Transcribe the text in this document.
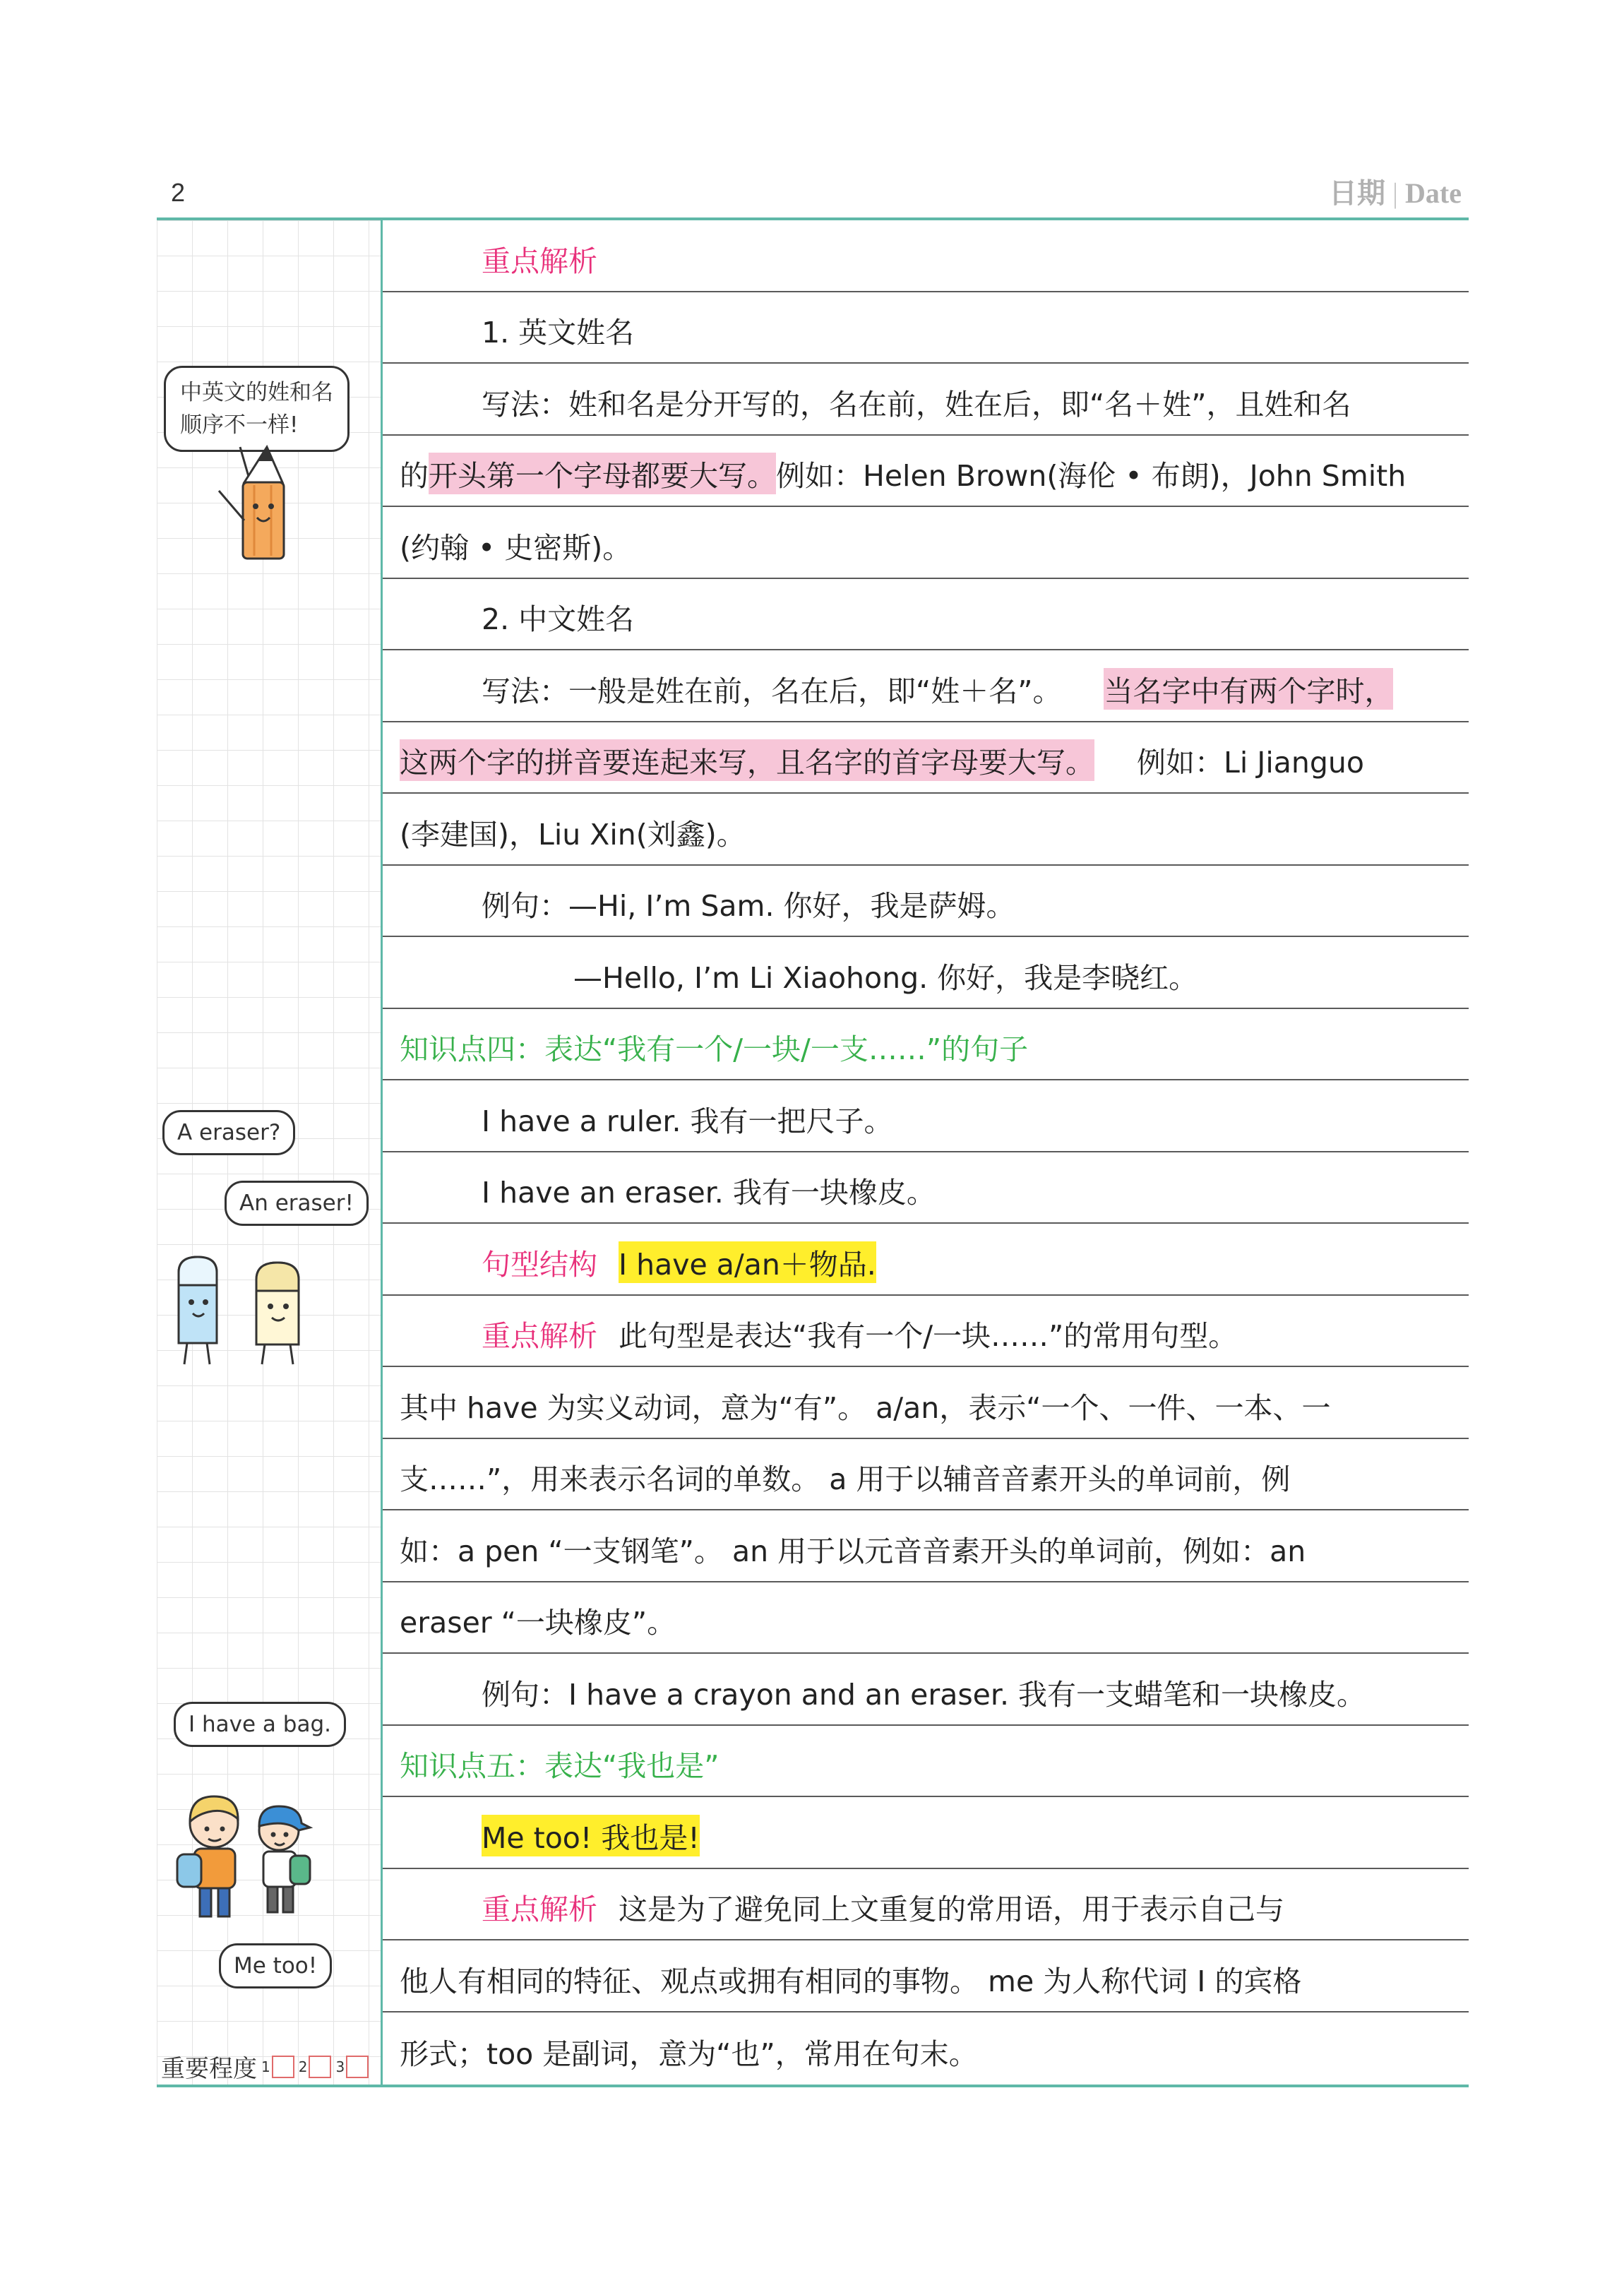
2	日期 | Date
中英文的姓和名
顺序不一样!
A eraser?
An eraser!
I have a bag.
Me too!
重要程度 1 2 3
重点解析
1. 英文姓名
写法：姓和名是分开写的，名在前，姓在后，即“名＋姓”，且姓和名
的 开头第一个字母都要大写。 例如：Helen Brown(海伦 • 布朗)，John Smith
(约翰 • 史密斯)。
2. 中文姓名
写法：一般是姓在前，名在后，即“姓＋名”。 当名字中有两个字时，
这两个字的拼音要连起来写，且名字的首字母要大写。 例如：Li Jianguo
(李建国)，Liu Xin(刘鑫)。
例句：—Hi, I’m Sam. 你好，我是萨姆。
—Hello, I’m Li Xiaohong. 你好，我是李晓红。
知识点四：表达“我有一个/一块/一支……”的句子
I have a ruler. 我有一把尺子。
I have an eraser. 我有一块橡皮。
句型结构 I have a/an＋物品.
重点解析 此句型是表达“我有一个/一块……”的常用句型。
其中 have 为实义动词，意为“有”。 a/an，表示“一个、一件、一本、一
支……”，用来表示名词的单数。 a 用于以辅音音素开头的单词前，例
如：a pen “一支钢笔”。 an 用于以元音音素开头的单词前，例如：an
eraser “一块橡皮”。
例句：I have a crayon and an eraser. 我有一支蜡笔和一块橡皮。
知识点五：表达“我也是”
Me too! 我也是!
重点解析 这是为了避免同上文重复的常用语，用于表示自己与
他人有相同的特征、观点或拥有相同的事物。 me 为人称代词 I 的宾格
形式；too 是副词，意为“也”，常用在句末。
